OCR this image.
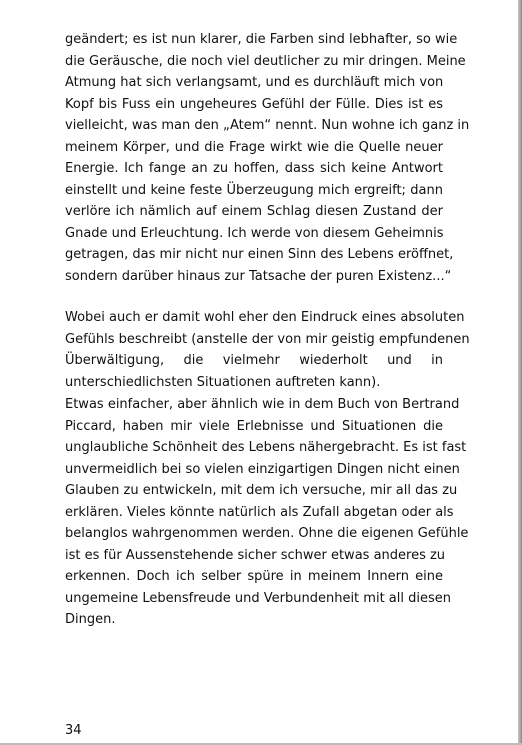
geändert; es ist nun klarer, die Farben sind lebhafter, so wie
die Geräusche, die noch viel deutlicher zu mir dringen. Meine
Atmung hat sich verlangsamt, und es durchläuft mich von
Kopf bis Fuss ein ungeheures Gefühl der Fülle. Dies ist es
vielleicht, was man den „Atem“ nennt. Nun wohne ich ganz in
meinem Körper, und die Frage wirkt wie die Quelle neuer
Energie. Ich fange an zu hoffen, dass sich keine Antwort
einstellt und keine feste Überzeugung mich ergreift; dann
verlöre ich nämlich auf einem Schlag diesen Zustand der
Gnade und Erleuchtung. Ich werde von diesem Geheimnis
getragen, das mir nicht nur einen Sinn des Lebens eröffnet,
sondern darüber hinaus zur Tatsache der puren Existenz...“
Wobei auch er damit wohl eher den Eindruck eines absoluten
Gefühls beschreibt (anstelle der von mir geistig empfundenen
Überwältigung, die vielmehr wiederholt und in
unterschiedlichsten Situationen auftreten kann).
Etwas einfacher, aber ähnlich wie in dem Buch von Bertrand
Piccard, haben mir viele Erlebnisse und Situationen die
unglaubliche Schönheit des Lebens nähergebracht. Es ist fast
unvermeidlich bei so vielen einzigartigen Dingen nicht einen
Glauben zu entwickeln, mit dem ich versuche, mir all das zu
erklären. Vieles könnte natürlich als Zufall abgetan oder als
belanglos wahrgenommen werden. Ohne die eigenen Gefühle
ist es für Aussenstehende sicher schwer etwas anderes zu
erkennen. Doch ich selber spüre in meinem Innern eine
ungemeine Lebensfreude und Verbundenheit mit all diesen
Dingen.
34
